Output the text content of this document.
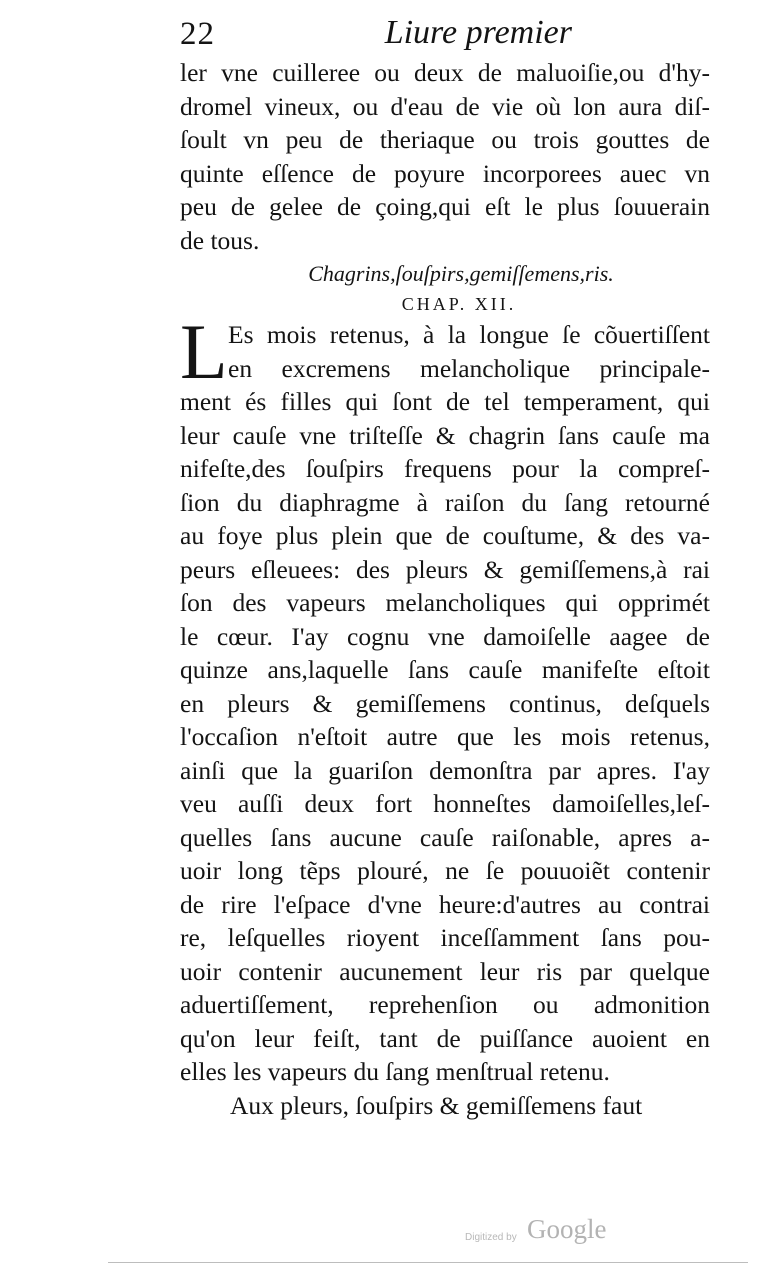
22	Liure premier
ler vne cuilleree ou deux de maluoiſie,ou d'hy-
dromel vineux, ou d'eau de vie où lon aura diſ-
ſoult vn peu de theriaque ou trois gouttes de
quinte eſſence de poyure incorporees auec vn
peu de gelee de çoing,qui eſt le plus ſouuerain
de tous.
Chagrins,ſouſpirs,gemiſſemens,ris.
CHAP. XII.
L Es mois retenus, à la longue ſe cõuertiſſent
en excremens melancholique principale-
ment és filles qui ſont de tel temperament, qui
leur cauſe vne triſteſſe & chagrin ſans cauſe ma
nifeſte,des ſouſpirs frequens pour la compreſ-
ſion du diaphragme à raiſon du ſang retourné
au foye plus plein que de couſtume, & des va-
peurs eſleuees: des pleurs & gemiſſemens,à rai
ſon des vapeurs melancholiques qui opprimét
le cœur. I'ay cognu vne damoiſelle aagee de
quinze ans,laquelle ſans cauſe manifeſte eſtoit
en pleurs & gemiſſemens continus, deſquels
l'occaſion n'eſtoit autre que les mois retenus,
ainſi que la guariſon demonſtra par apres. I'ay
veu auſſi deux fort honneſtes damoiſelles,leſ-
quelles ſans aucune cauſe raiſonable, apres a-
uoir long tẽps plouré, ne ſe pouuoiẽt contenir
de rire l'eſpace d'vne heure:d'autres au contrai
re, leſquelles rioyent inceſſamment ſans pou-
uoir contenir aucunement leur ris par quelque
aduertiſſement, reprehenſion ou admonition
qu'on leur feiſt, tant de puiſſance auoient en
elles les vapeurs du ſang menſtrual retenu.
Aux pleurs, ſouſpirs & gemiſſemens faut
Digitized by Google
